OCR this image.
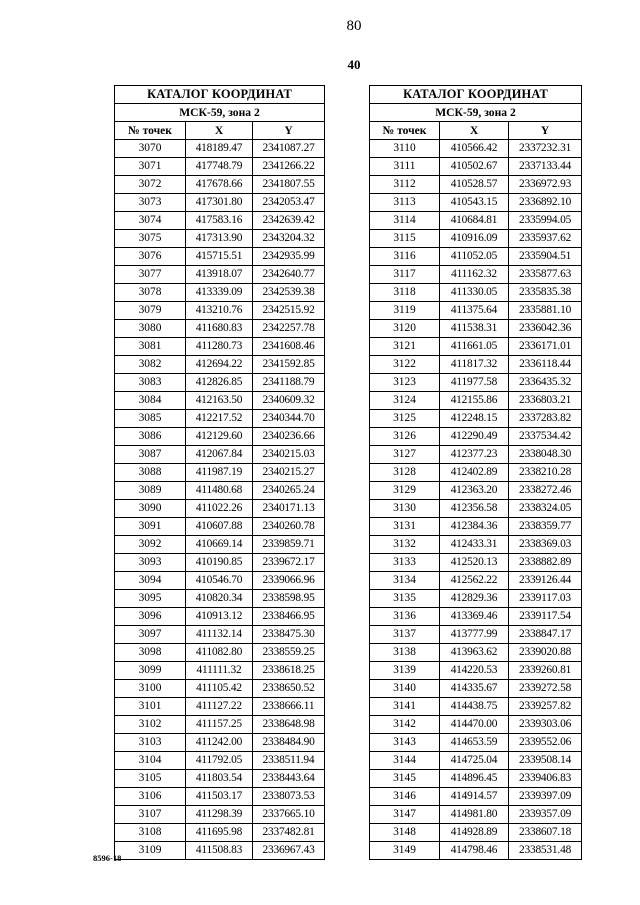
80
40
КАТАЛОГ КООРДИНАТ		
МСК-59, зона 2		
№ точек	X	Y
3070	418189.47	2341087.27
3071	417748.79	2341266.22
3072	417678.66	2341807.55
3073	417301.80	2342053.47
3074	417583.16	2342639.42
3075	417313.90	2343204.32
3076	415715.51	2342935.99
3077	413918.07	2342640.77
3078	413339.09	2342539.38
3079	413210.76	2342515.92
3080	411680.83	2342257.78
3081	411280.73	2341608.46
3082	412694.22	2341592.85
3083	412826.85	2341188.79
3084	412163.50	2340609.32
3085	412217.52	2340344.70
3086	412129.60	2340236.66
3087	412067.84	2340215.03
3088	411987.19	2340215.27
3089	411480.68	2340265.24
3090	411022.26	2340171.13
3091	410607.88	2340260.78
3092	410669.14	2339859.71
3093	410190.85	2339672.17
3094	410546.70	2339066.96
3095	410820.34	2338598.95
3096	410913.12	2338466.95
3097	411132.14	2338475.30
3098	411082.80	2338559.25
3099	411111.32	2338618.25
3100	411105.42	2338650.52
3101	411127.22	2338666.11
3102	411157.25	2338648.98
3103	411242.00	2338484.90
3104	411792.05	2338511.94
3105	411803.54	2338443.64
3106	411503.17	2338073.53
3107	411298.39	2337665.10
3108	411695.98	2337482.81
3109	411508.83	2336967.43
КАТАЛОГ КООРДИНАТ		
МСК-59, зона 2		
№ точек	X	Y
3110	410566.42	2337232.31
3111	410502.67	2337133.44
3112	410528.57	2336972.93
3113	410543.15	2336892.10
3114	410684.81	2335994.05
3115	410916.09	2335937.62
3116	411052.05	2335904.51
3117	411162.32	2335877.63
3118	411330.05	2335835.38
3119	411375.64	2335881.10
3120	411538.31	2336042.36
3121	411661.05	2336171.01
3122	411817.32	2336118.44
3123	411977.58	2336435.32
3124	412155.86	2336803.21
3125	412248.15	2337283.82
3126	412290.49	2337534.42
3127	412377.23	2338048.30
3128	412402.89	2338210.28
3129	412363.20	2338272.46
3130	412356.58	2338324.05
3131	412384.36	2338359.77
3132	412433.31	2338369.03
3133	412520.13	2338882.89
3134	412562.22	2339126.44
3135	412829.36	2339117.03
3136	413369.46	2339117.54
3137	413777.99	2338847.17
3138	413963.62	2339020.88
3139	414220.53	2339260.81
3140	414335.67	2339272.58
3141	414438.75	2339257.82
3142	414470.00	2339303.06
3143	414653.59	2339552.06
3144	414725.04	2339508.14
3145	414896.45	2339406.83
3146	414914.57	2339397.09
3147	414981.80	2339357.09
3148	414928.89	2338607.18
3149	414798.46	2338531.48
8596-18
